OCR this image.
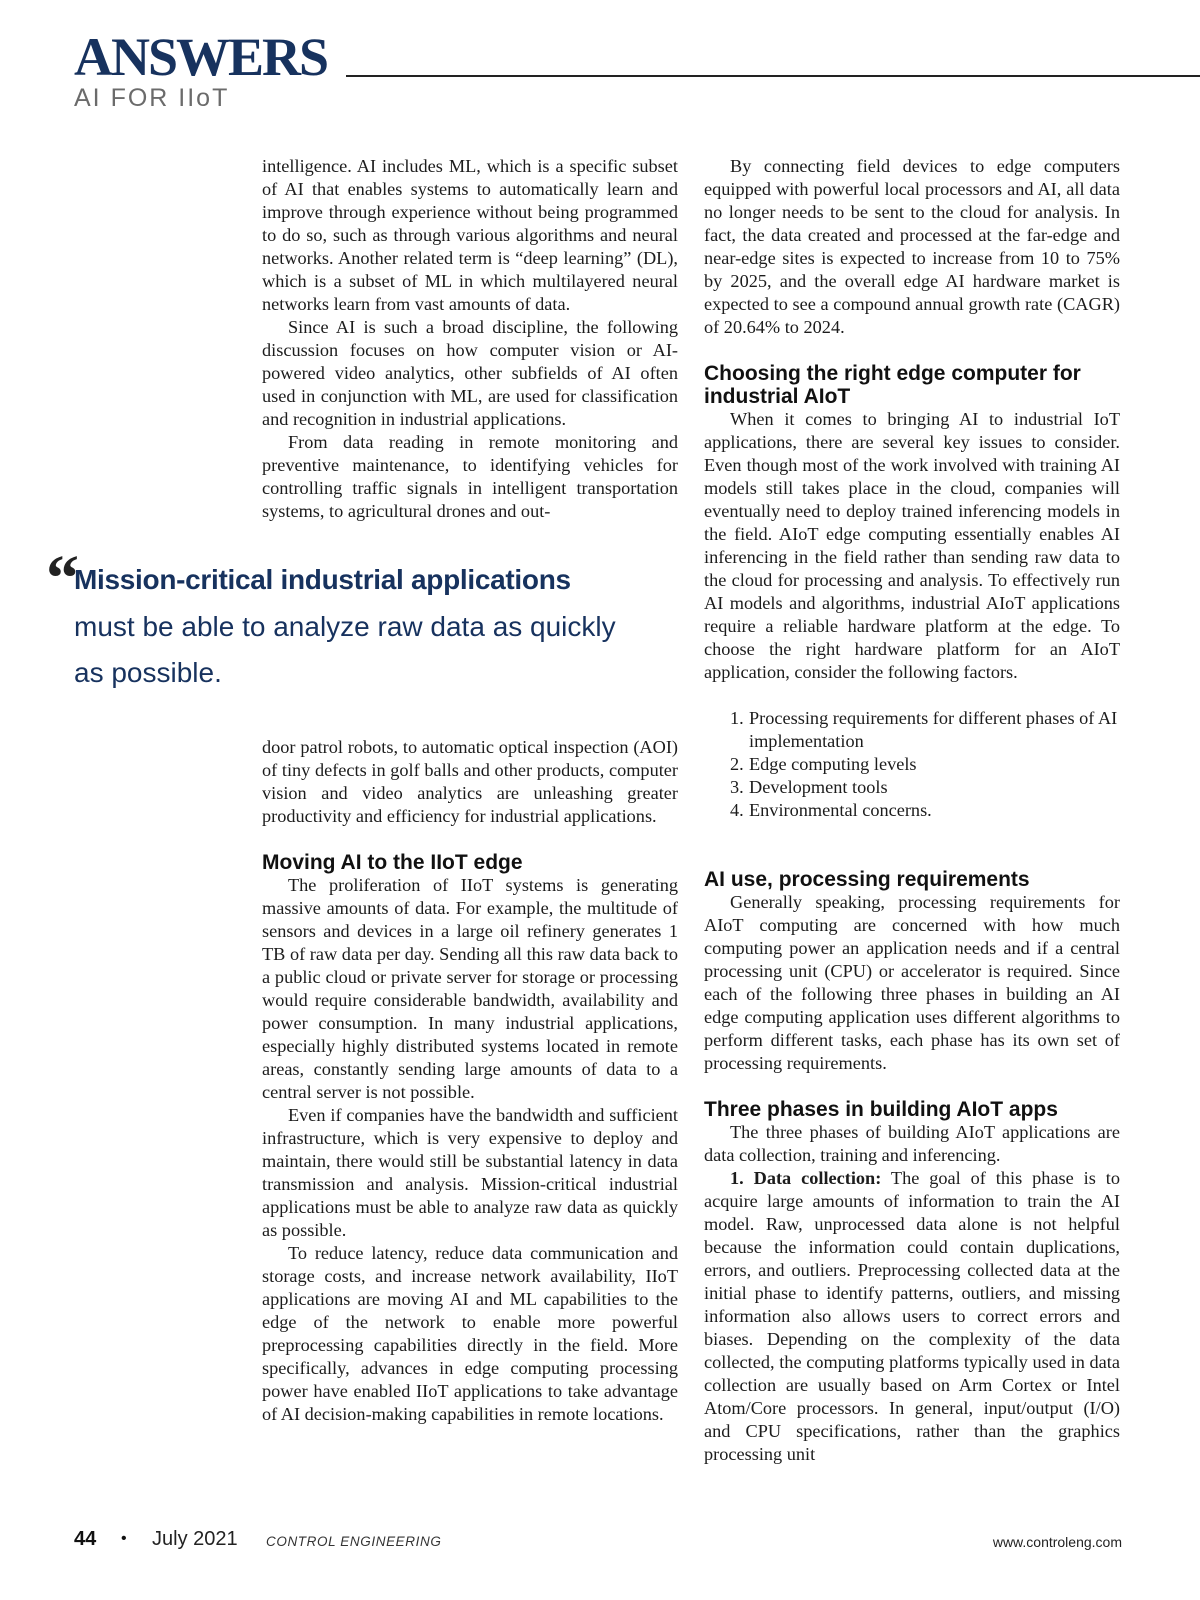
ANSWERS
AI FOR IIoT

intelligence. AI includes ML, which is a specific subset of AI that enables systems to automatically learn and improve through experience without being programmed to do so, such as through various algorithms and neural networks. Another related term is “deep learning” (DL), which is a subset of ML in which multilayered neural networks learn from vast amounts of data.

Since AI is such a broad discipline, the following discussion focuses on how computer vision or AI-powered video analytics, other subfields of AI often used in conjunction with ML, are used for classification and recognition in industrial applications.

From data reading in remote monitoring and preventive maintenance, to identifying vehicles for controlling traffic signals in intelligent transportation systems, to agricultural drones and out-

“
Mission-critical industrial applications
must be able to analyze raw data as quickly as possible.

door patrol robots, to automatic optical inspection (AOI) of tiny defects in golf balls and other products, computer vision and video analytics are unleashing greater productivity and efficiency for industrial applications.

Moving AI to the IIoT edge

The proliferation of IIoT systems is generating massive amounts of data. For example, the multitude of sensors and devices in a large oil refinery generates 1 TB of raw data per day. Sending all this raw data back to a public cloud or private server for storage or processing would require considerable bandwidth, availability and power consumption. In many industrial applications, especially highly distributed systems located in remote areas, constantly sending large amounts of data to a central server is not possible.

Even if companies have the bandwidth and sufficient infrastructure, which is very expensive to deploy and maintain, there would still be substantial latency in data transmission and analysis. Mission-critical industrial applications must be able to analyze raw data as quickly as possible.

To reduce latency, reduce data communication and storage costs, and increase network availability, IIoT applications are moving AI and ML capabilities to the edge of the network to enable more powerful preprocessing capabilities directly in the field. More specifically, advances in edge computing processing power have enabled IIoT applications to take advantage of AI decision-making capabilities in remote locations.

By connecting field devices to edge computers equipped with powerful local processors and AI, all data no longer needs to be sent to the cloud for analysis. In fact, the data created and processed at the far-edge and near-edge sites is expected to increase from 10 to 75% by 2025, and the overall edge AI hardware market is expected to see a compound annual growth rate (CAGR) of 20.64% to 2024.

Choosing the right edge computer for industrial AIoT

When it comes to bringing AI to industrial IoT applications, there are several key issues to consider. Even though most of the work involved with training AI models still takes place in the cloud, companies will eventually need to deploy trained inferencing models in the field. AIoT edge computing essentially enables AI inferencing in the field rather than sending raw data to the cloud for processing and analysis. To effectively run AI models and algorithms, industrial AIoT applications require a reliable hardware platform at the edge. To choose the right hardware platform for an AIoT application, consider the following factors.

1. Processing requirements for different phases of AI implementation
2. Edge computing levels
3. Development tools
4. Environmental concerns.
AI use, processing requirements

Generally speaking, processing requirements for AIoT computing are concerned with how much computing power an application needs and if a central processing unit (CPU) or accelerator is required. Since each of the following three phases in building an AI edge computing application uses different algorithms to perform different tasks, each phase has its own set of processing requirements.

Three phases in building AIoT apps

The three phases of building AIoT applications are data collection, training and inferencing.

1. Data collection: The goal of this phase is to acquire large amounts of information to train the AI model. Raw, unprocessed data alone is not helpful because the information could contain duplications, errors, and outliers. Preprocessing collected data at the initial phase to identify patterns, outliers, and missing information also allows users to correct errors and biases. Depending on the complexity of the data collected, the computing platforms typically used in data collection are usually based on Arm Cortex or Intel Atom/Core processors. In general, input/output (I/O) and CPU specifications, rather than the graphics processing unit

44 • July 2021 CONTROL ENGINEERING	www.controleng.com
